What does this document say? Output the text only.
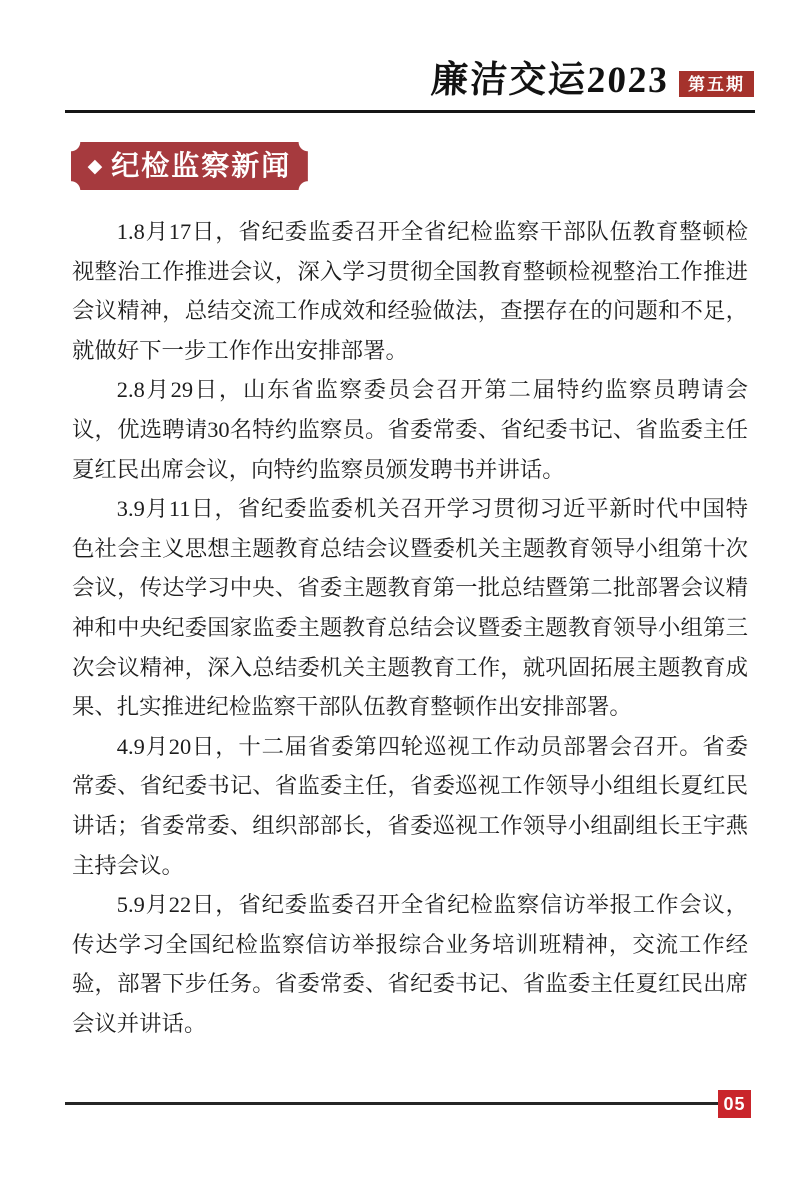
廉洁交运2023	第五期
◆ 纪检监察新闻

1.8月17日，省纪委监委召开全省纪检监察干部队伍教育整顿检视整治工作推进会议，深入学习贯彻全国教育整顿检视整治工作推进会议精神，总结交流工作成效和经验做法，查摆存在的问题和不足，就做好下一步工作作出安排部署。

2.8月29日，山东省监察委员会召开第二届特约监察员聘请会议，优选聘请30名特约监察员。省委常委、省纪委书记、省监委主任夏红民出席会议，向特约监察员颁发聘书并讲话。

3.9月11日，省纪委监委机关召开学习贯彻习近平新时代中国特色社会主义思想主题教育总结会议暨委机关主题教育领导小组第十次会议，传达学习中央、省委主题教育第一批总结暨第二批部署会议精神和中央纪委国家监委主题教育总结会议暨委主题教育领导小组第三次会议精神，深入总结委机关主题教育工作，就巩固拓展主题教育成果、扎实推进纪检监察干部队伍教育整顿作出安排部署。

4.9月20日，十二届省委第四轮巡视工作动员部署会召开。省委常委、省纪委书记、省监委主任，省委巡视工作领导小组组长夏红民讲话；省委常委、组织部部长，省委巡视工作领导小组副组长王宇燕主持会议。

5.9月22日，省纪委监委召开全省纪检监察信访举报工作会议，传达学习全国纪检监察信访举报综合业务培训班精神，交流工作经验，部署下步任务。省委常委、省纪委书记、省监委主任夏红民出席会议并讲话。

05
